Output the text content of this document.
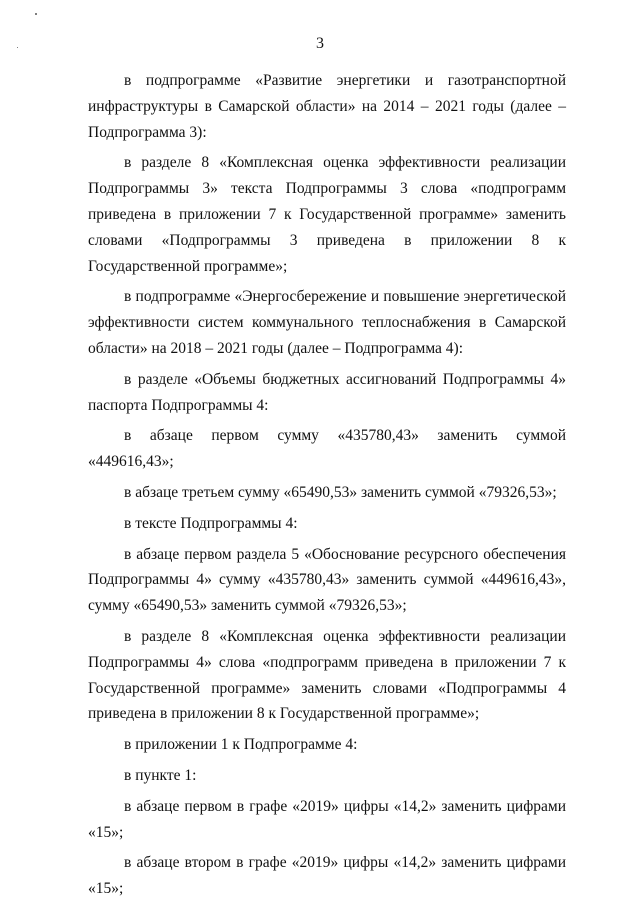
3

в подпрограмме «Развитие энергетики и газотранспортной инфраструктуры в Самарской области» на 2014 – 2021 годы (далее – Подпрограмма 3):

в разделе 8 «Комплексная оценка эффективности реализации Подпрограммы 3» текста Подпрограммы 3 слова «подпрограмм приведена в приложении 7 к Государственной программе» заменить словами «Подпрограммы 3 приведена в приложении 8 к Государственной программе»;

в подпрограмме «Энергосбережение и повышение энергетической эффективности систем коммунального теплоснабжения в Самарской области» на 2018 – 2021 годы (далее – Подпрограмма 4):

в разделе «Объемы бюджетных ассигнований Подпрограммы 4» паспорта Подпрограммы 4:

в абзаце первом сумму «435780,43» заменить суммой «449616,43»;

в абзаце третьем сумму «65490,53» заменить суммой «79326,53»;

в тексте Подпрограммы 4:

в абзаце первом раздела 5 «Обоснование ресурсного обеспечения Подпрограммы 4» сумму «435780,43» заменить суммой «449616,43», сумму «65490,53» заменить суммой «79326,53»;

в разделе 8 «Комплексная оценка эффективности реализации Подпрограммы 4» слова «подпрограмм приведена в приложении 7 к Государственной программе» заменить словами «Подпрограммы 4 приведена в приложении 8 к Государственной программе»;

в приложении 1 к Подпрограмме 4:

в пункте 1:

в абзаце первом в графе «2019» цифры «14,2» заменить цифрами «15»;

в абзаце втором в графе «2019» цифры «14,2» заменить цифрами «15»;
